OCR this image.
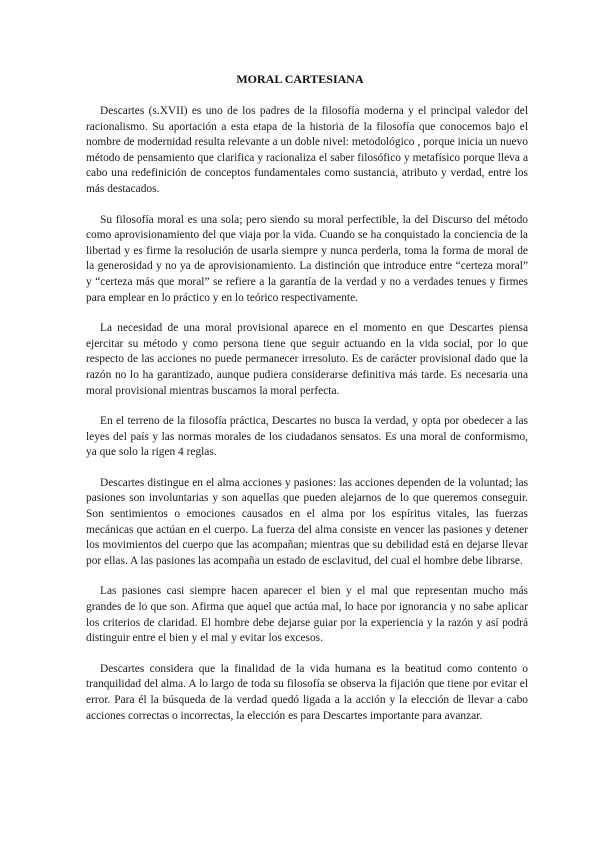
MORAL CARTESIANA

Descartes (s.XVII) es uno de los padres de la filosofía moderna y el principal valedor del racionalismo. Su aportación a esta etapa de la historia de la filosofía que conocemos bajo el nombre de modernidad resulta relevante a un doble nivel: metodológico , porque inicia un nuevo método de pensamiento que clarifica y racionaliza el saber filosófico y metafísico porque lleva a cabo una redefinición de conceptos fundamentales como sustancia, atributo y verdad, entre los más destacados.

Su filosofía moral es una sola; pero siendo su moral perfectible, la del Discurso del método como aprovisionamiento del que viaja por la vida. Cuando se ha conquistado la conciencia de la libertad y es firme la resolución de usarla siempre y nunca perderla, toma la forma de moral de la generosidad y no ya de aprovisionamiento. La distinción que introduce entre “certeza moral” y “certeza más que moral” se refiere a la garantía de la verdad y no a verdades tenues y firmes para emplear en lo práctico y en lo teórico respectivamente.

La necesidad de una moral provisional aparece en el momento en que Descartes piensa ejercitar su método y como persona tiene que seguir actuando en la vida social, por lo que respecto de las acciones no puede permanecer irresoluto. Es de carácter provisional dado que la razón no lo ha garantizado, aunque pudiera considerarse definitiva más tarde. Es necesaria una moral provisional mientras buscamos la moral perfecta.

En el terreno de la filosofía práctica, Descartes no busca la verdad, y opta por obedecer a las leyes del país y las normas morales de los ciudadanos sensatos. Es una moral de conformismo, ya que solo la rigen 4 reglas.

Descartes distingue en el alma acciones y pasiones: las acciones dependen de la voluntad; las pasiones son involuntarias y son aquellas que pueden alejarnos de lo que queremos conseguir. Son sentimientos o emociones causados en el alma por los espíritus vitales, las fuerzas mecánicas que actúan en el cuerpo. La fuerza del alma consiste en vencer las pasiones y detener los movimientos del cuerpo que las acompañan; mientras que su debilidad está en dejarse llevar por ellas. A las pasiones las acompaña un estado de esclavitud, del cual el hombre debe librarse.

Las pasiones casi siempre hacen aparecer el bien y el mal que representan mucho más grandes de lo que son. Afirma que aquel que actúa mal, lo hace por ignorancia y no sabe aplicar los criterios de claridad. El hombre debe dejarse guiar por la experiencia y la razón y así podrá distinguir entre el bien y el mal y evitar los excesos.

Descartes considera que la finalidad de la vida humana es la beatitud como contento o tranquilidad del alma. A lo largo de toda su filosofía se observa la fijación que tiene por evitar el error. Para él la búsqueda de la verdad quedó ligada a la acción y la elección de llevar a cabo acciones correctas o incorrectas, la elección es para Descartes importante para avanzar.
